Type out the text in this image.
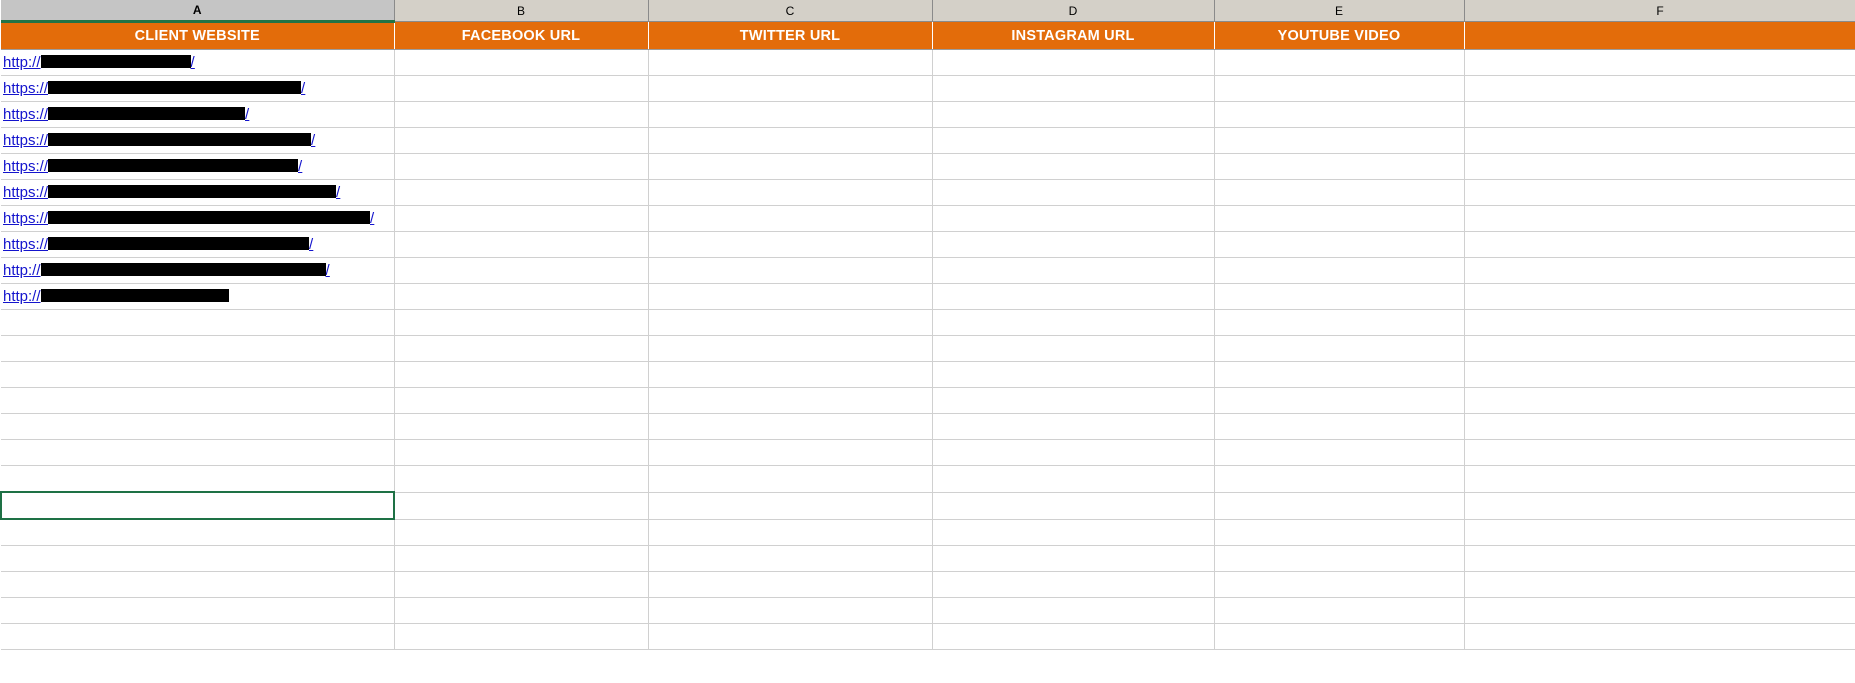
A	B	C	D	E	F
CLIENT WEBSITE	FACEBOOK URL	TWITTER URL	INSTAGRAM URL	YOUTUBE VIDEO	

http:// /					

https:// /					

https:// /					

https:// /					

https:// /					

https:// /					

https:// /					

https:// /					

http:// /					

http://					
